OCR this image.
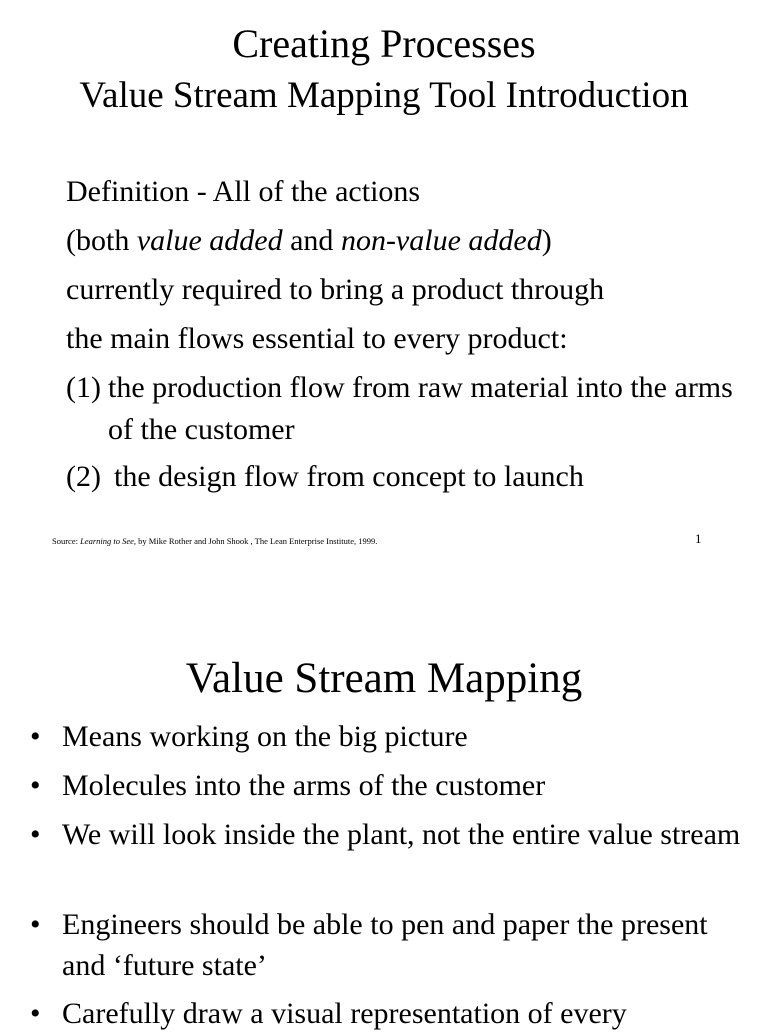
Creating Processes
Value Stream Mapping Tool Introduction
Definition - All of the actions
(both value added and non-value added)
currently required to bring a product through
the main flows essential to every product:
(1) the production flow from raw material into the arms of the customer
(2) the design flow from concept to launch
Source: Learning to See, by Mike Rother and John Shook , The Lean Enterprise Institute, 1999.	1
Value Stream Mapping
• Means working on the big picture
• Molecules into the arms of the customer
• We will look inside the plant, not the entire value stream
• Engineers should be able to pen and paper the present and ‘future state’
• Carefully draw a visual representation of every
